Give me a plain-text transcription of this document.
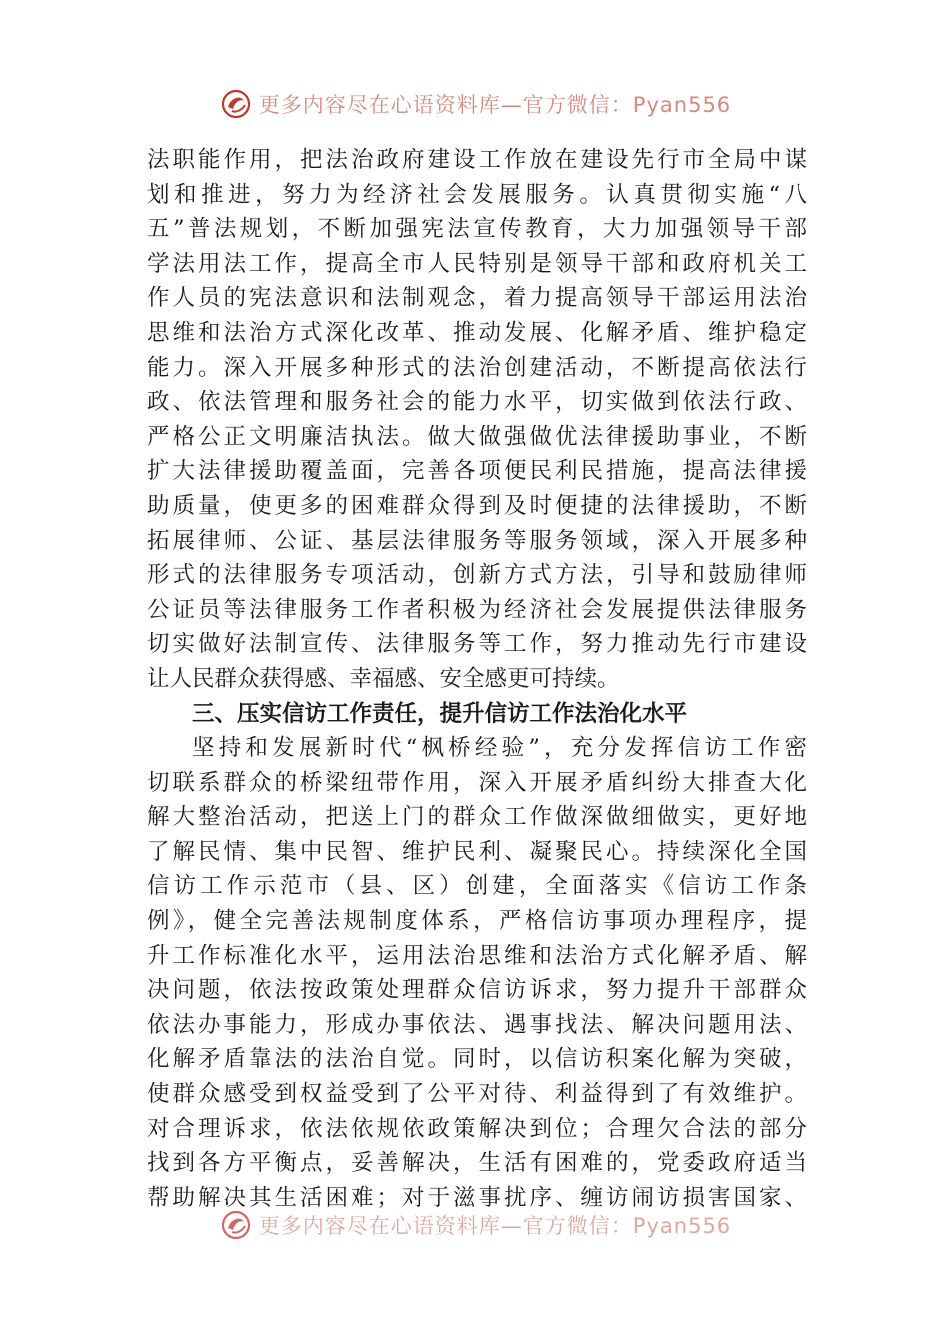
更多内容尽在心语资料库—官方微信：Pyan556
法职能作用，把法治政府建设工作放在建设先行市全局中谋
划和推进，努力为经济社会发展服务。认真贯彻实施“八
五”普法规划，不断加强宪法宣传教育，大力加强领导干部
学法用法工作，提高全市人民特别是领导干部和政府机关工
作人员的宪法意识和法制观念，着力提高领导干部运用法治
思维和法治方式深化改革、推动发展、化解矛盾、维护稳定
能力。深入开展多种形式的法治创建活动，不断提高依法行
政、依法管理和服务社会的能力水平，切实做到依法行政、
严格公正文明廉洁执法。做大做强做优法律援助事业，不断
扩大法律援助覆盖面，完善各项便民利民措施，提高法律援
助质量，使更多的困难群众得到及时便捷的法律援助，不断
拓展律师、公证、基层法律服务等服务领域，深入开展多种
形式的法律服务专项活动，创新方式方法，引导和鼓励律师
公证员等法律服务工作者积极为经济社会发展提供法律服务
切实做好法制宣传、法律服务等工作，努力推动先行市建设
让人民群众获得感、幸福感、安全感更可持续。
三、压实信访工作责任，提升信访工作法治化水平
坚持和发展新时代“枫桥经验”，充分发挥信访工作密
切联系群众的桥梁纽带作用，深入开展矛盾纠纷大排查大化
解大整治活动，把送上门的群众工作做深做细做实，更好地
了解民情、集中民智、维护民利、凝聚民心。持续深化全国
信访工作示范市（县、区）创建，全面落实《信访工作条
例》，健全完善法规制度体系，严格信访事项办理程序，提
升工作标准化水平，运用法治思维和法治方式化解矛盾、解
决问题，依法按政策处理群众信访诉求，努力提升干部群众
依法办事能力，形成办事依法、遇事找法、解决问题用法、
化解矛盾靠法的法治自觉。同时，以信访积案化解为突破，
使群众感受到权益受到了公平对待、利益得到了有效维护。
对合理诉求，依法依规依政策解决到位；合理欠合法的部分
找到各方平衡点，妥善解决，生活有困难的，党委政府适当
帮助解决其生活困难；对于滋事扰序、缠访闹访损害国家、
更多内容尽在心语资料库—官方微信：Pyan556
